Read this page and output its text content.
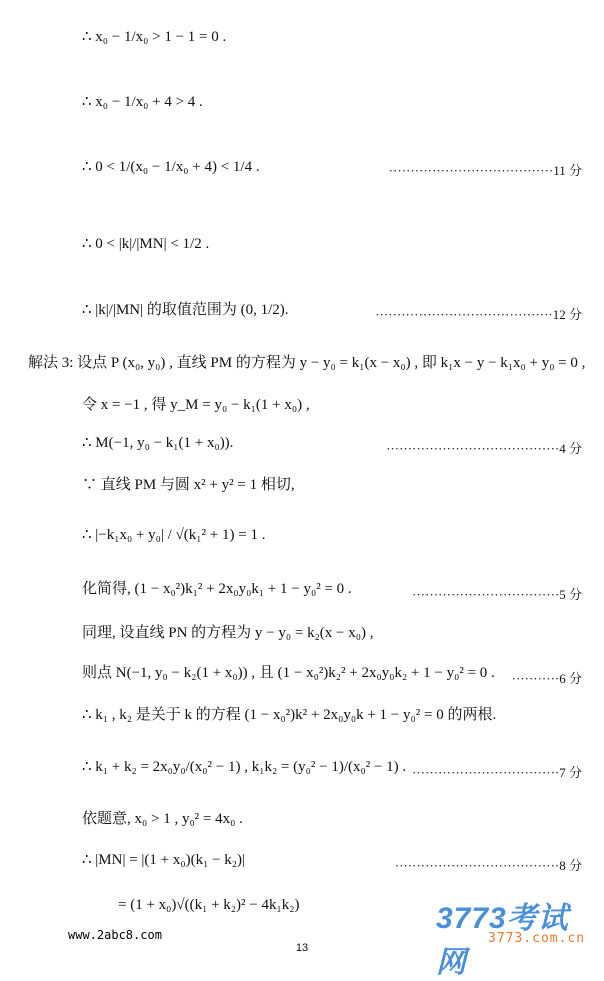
∴ x₀ − 1/x₀ > 1 − 1 = 0 .
∴ x₀ − 1/x₀ + 4 > 4 .
∴ 0 < 1/(x₀ − 1/x₀ + 4) < 1/4 .	······································11 分
∴ 0 < |k|/|MN| < 1/2 .
∴ |k|/|MN| 的取值范围为 (0, 1/2).	·········································12 分
解法 3: 设点 P (x₀, y₀) , 直线 PM 的方程为 y − y₀ = k₁(x − x₀) , 即 k₁x − y − k₁x₀ + y₀ = 0 ,
令 x = −1 , 得 y_M = y₀ − k₁(1 + x₀) ,
∴ M(−1, y₀ − k₁(1 + x₀)).	········································4 分
∵ 直线 PM 与圆 x² + y² = 1 相切,
∴ |−k₁x₀ + y₀| / √(k₁² + 1) = 1 .
化简得, (1 − x₀²)k₁² + 2x₀y₀k₁ + 1 − y₀² = 0 .	··································5 分
同理, 设直线 PN 的方程为 y − y₀ = k₂(x − x₀) ,
则点 N(−1, y₀ − k₂(1 + x₀)) , 且 (1 − x₀²)k₂² + 2x₀y₀k₂ + 1 − y₀² = 0 . ···········6 分
∴ k₁ , k₂ 是关于 k 的方程 (1 − x₀²)k² + 2x₀y₀k + 1 − y₀² = 0 的两根.
∴ k₁ + k₂ = 2x₀y₀/(x₀² − 1) , k₁k₂ = (y₀² − 1)/(x₀² − 1) . ··································7 分
依题意, x₀ > 1 , y₀² = 4x₀ .
∴ |MN| = |(1 + x₀)(k₁ − k₂)|	······································8 分
= (1 + x₀)√((k₁ + k₂)² − 4k₁k₂)
www.2abc8.com	3773考试网
3773.com.cn
13
